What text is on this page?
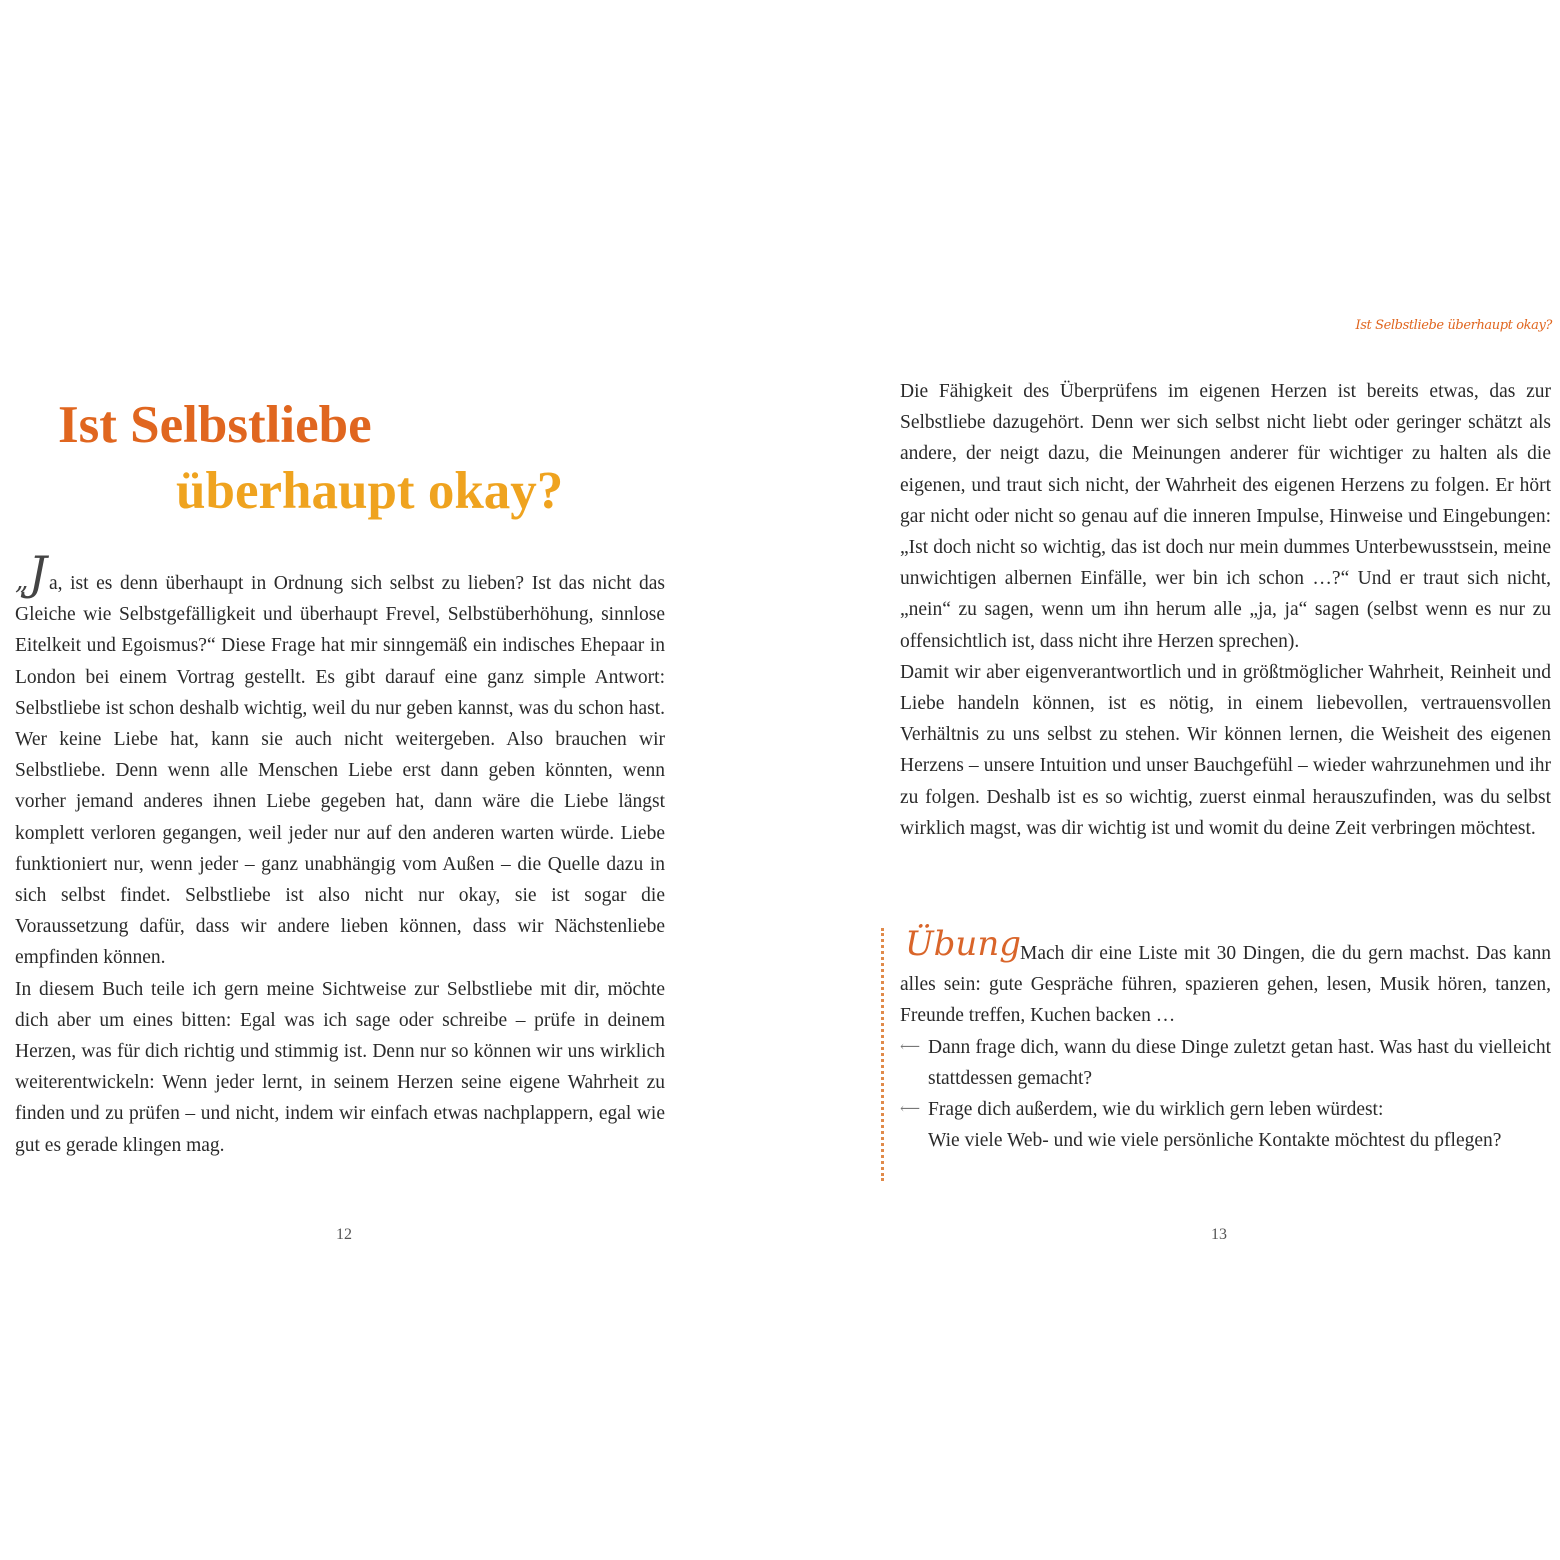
Ist Selbstliebe
überhaupt okay?

„J a, ist es denn überhaupt in Ordnung sich selbst zu lieben? Ist das nicht das Gleiche wie Selbstgefälligkeit und überhaupt Frevel, Selbstüberhöhung, sinnlose Eitelkeit und Egoismus?“ Diese Frage hat mir sinngemäß ein indisches Ehepaar in London bei einem Vortrag gestellt. Es gibt darauf eine ganz simple Antwort: Selbstliebe ist schon deshalb wichtig, weil du nur geben kannst, was du schon hast. Wer keine Liebe hat, kann sie auch nicht weitergeben. Also brauchen wir Selbstliebe. Denn wenn alle Menschen Liebe erst dann geben könnten, wenn vorher jemand anderes ihnen Liebe gegeben hat, dann wäre die Liebe längst komplett verloren gegangen, weil jeder nur auf den anderen warten würde. Liebe funktioniert nur, wenn jeder – ganz unabhängig vom Außen – die Quelle dazu in sich selbst findet. Selbstliebe ist also nicht nur okay, sie ist sogar die Voraussetzung dafür, dass wir andere lieben können, dass wir Nächstenliebe empfinden können.

In diesem Buch teile ich gern meine Sichtweise zur Selbstliebe mit dir, möchte dich aber um eines bitten: Egal was ich sage oder schreibe – prüfe in deinem Herzen, was für dich richtig und stimmig ist. Denn nur so können wir uns wirklich weiterentwickeln: Wenn jeder lernt, in seinem Herzen seine eigene Wahrheit zu finden und zu prüfen – und nicht, indem wir einfach etwas nachplappern, egal wie gut es gerade klingen mag.

12
Ist Selbstliebe überhaupt okay?

Die Fähigkeit des Überprüfens im eigenen Herzen ist bereits etwas, das zur Selbstliebe dazugehört. Denn wer sich selbst nicht liebt oder geringer schätzt als andere, der neigt dazu, die Meinungen anderer für wichtiger zu halten als die eigenen, und traut sich nicht, der Wahrheit des eigenen Herzens zu folgen. Er hört gar nicht oder nicht so genau auf die inneren Impulse, Hinweise und Eingebungen: „Ist doch nicht so wichtig, das ist doch nur mein dummes Unterbewusstsein, meine unwichtigen albernen Einfälle, wer bin ich schon …?“ Und er traut sich nicht, „nein“ zu sagen, wenn um ihn herum alle „ja, ja“ sagen (selbst wenn es nur zu offensichtlich ist, dass nicht ihre Herzen sprechen).

Damit wir aber eigenverantwortlich und in größtmöglicher Wahrheit, Reinheit und Liebe handeln können, ist es nötig, in einem liebevollen, vertrauensvollen Verhältnis zu uns selbst zu stehen. Wir können lernen, die Weisheit des eigenen Herzens – unsere Intuition und unser Bauchgefühl – wieder wahrzunehmen und ihr zu folgen. Deshalb ist es so wichtig, zuerst einmal herauszufinden, was du selbst wirklich magst, was dir wichtig ist und womit du deine Zeit verbringen möchtest.

Übung Mach dir eine Liste mit 30 Dingen, die du gern machst. Das kann alles sein: gute Gespräche führen, spazieren gehen, lesen, Musik hören, tanzen, Freunde treffen, Kuchen backen …
⟵ Dann frage dich, wann du diese Dinge zuletzt getan hast. Was hast du vielleicht stattdessen gemacht?
⟵ Frage dich außerdem, wie du wirklich gern leben würdest:
Wie viele Web- und wie viele persönliche Kontakte möchtest du pflegen?
13
